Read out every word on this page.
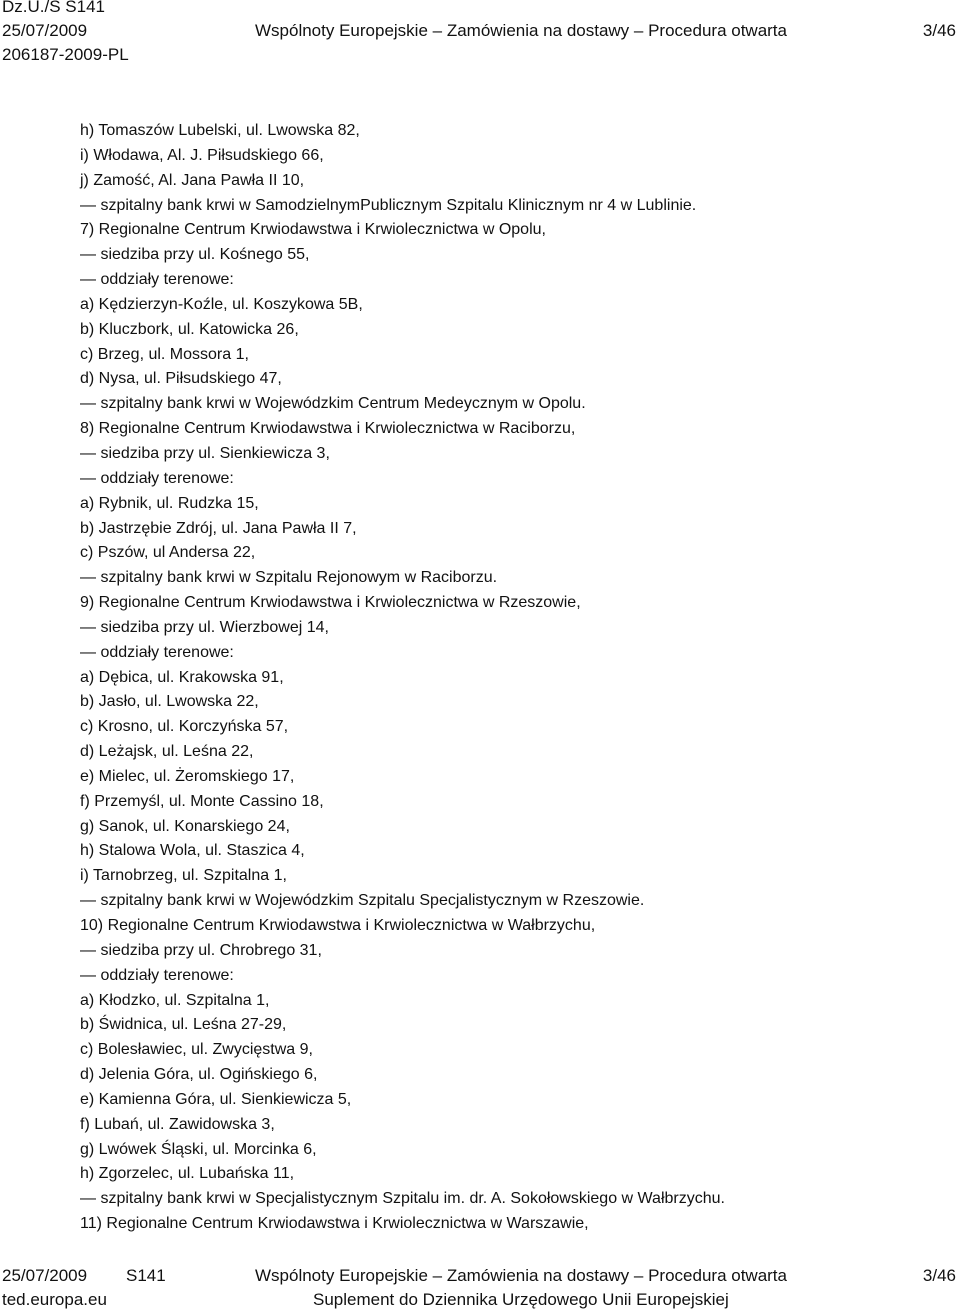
Dz.U./S S141
25/07/2009
206187-2009-PL
Wspólnoty Europejskie – Zamówienia na dostawy – Procedura otwarta	3/46
h) Tomaszów Lubelski, ul. Lwowska 82,
i) Włodawa, Al. J. Piłsudskiego 66,
j) Zamość, Al. Jana Pawła II 10,
— szpitalny bank krwi w SamodzielnymPublicznym Szpitalu Klinicznym nr 4 w Lublinie.
7) Regionalne Centrum Krwiodawstwa i Krwiolecznictwa w Opolu,
— siedziba przy ul. Kośnego 55,
— oddziały terenowe:
a) Kędzierzyn-Koźle, ul. Koszykowa 5B,
b) Kluczbork, ul. Katowicka 26,
c) Brzeg, ul. Mossora 1,
d) Nysa, ul. Piłsudskiego 47,
— szpitalny bank krwi w Wojewódzkim Centrum Medeycznym w Opolu.
8) Regionalne Centrum Krwiodawstwa i Krwiolecznictwa w Raciborzu,
— siedziba przy ul. Sienkiewicza 3,
— oddziały terenowe:
a) Rybnik, ul. Rudzka 15,
b) Jastrzębie Zdrój, ul. Jana Pawła II 7,
c) Pszów, ul Andersa 22,
— szpitalny bank krwi w Szpitalu Rejonowym w Raciborzu.
9) Regionalne Centrum Krwiodawstwa i Krwiolecznictwa w Rzeszowie,
— siedziba przy ul. Wierzbowej 14,
— oddziały terenowe:
a) Dębica, ul. Krakowska 91,
b) Jasło, ul. Lwowska 22,
c) Krosno, ul. Korczyńska 57,
d) Leżajsk, ul. Leśna 22,
e) Mielec, ul. Żeromskiego 17,
f) Przemyśl, ul. Monte Cassino 18,
g) Sanok, ul. Konarskiego 24,
h) Stalowa Wola, ul. Staszica 4,
i) Tarnobrzeg, ul. Szpitalna 1,
— szpitalny bank krwi w Wojewódzkim Szpitalu Specjalistycznym w Rzeszowie.
10) Regionalne Centrum Krwiodawstwa i Krwiolecznictwa w Wałbrzychu,
— siedziba przy ul. Chrobrego 31,
— oddziały terenowe:
a) Kłodzko, ul. Szpitalna 1,
b) Świdnica, ul. Leśna 27-29,
c) Bolesławiec, ul. Zwycięstwa 9,
d) Jelenia Góra, ul. Ogińskiego 6,
e) Kamienna Góra, ul. Sienkiewicza 5,
f) Lubań, ul. Zawidowska 3,
g) Lwówek Śląski, ul. Morcinka 6,
h) Zgorzelec, ul. Lubańska 11,
— szpitalny bank krwi w Specjalistycznym Szpitalu im. dr. A. Sokołowskiego w Wałbrzychu.
11) Regionalne Centrum Krwiodawstwa i Krwiolecznictwa w Warszawie,
25/07/2009 S141	Wspólnoty Europejskie – Zamówienia na dostawy – Procedura otwarta	3/46
ted.europa.eu	Suplement do Dziennika Urzędowego Unii Europejskiej
